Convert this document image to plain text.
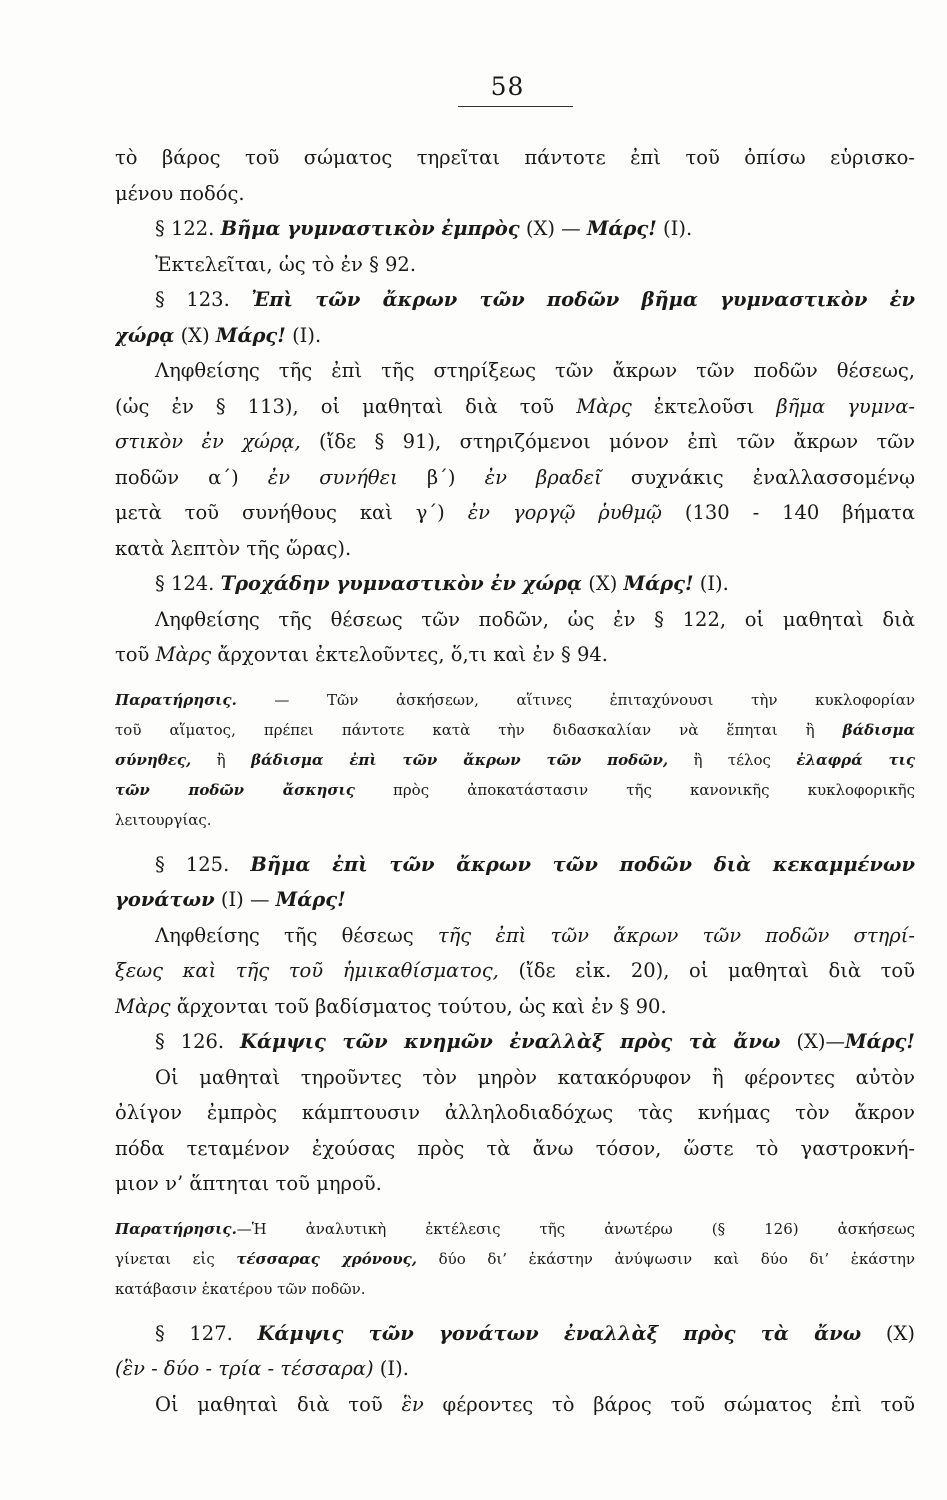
58
τὸ βάρος τοῦ σώματος τηρεῖται πάντοτε ἐπὶ τοῦ ὀπίσω εὑρισκο-
μένου ποδός.
§ 122. Βῆμα γυμναστικὸν ἐμπρὸς (Χ) — Μάρς! (Ι).
Ἐκτελεῖται, ὡς τὸ ἐν § 92.
§ 123. Ἐπὶ τῶν ἄκρων τῶν ποδῶν βῆμα γυμναστικὸν ἐν
χώρᾳ (Χ) Μάρς! (Ι).
Ληφθείσης τῆς ἐπὶ τῆς στηρίξεως τῶν ἄκρων τῶν ποδῶν θέσεως,
(ὡς ἐν § 113), οἱ μαθηταὶ διὰ τοῦ Μὰρς ἐκτελοῦσι βῆμα γυμνα-
στικὸν ἐν χώρᾳ, (ἴδε § 91), στηριζόμενοι μόνον ἐπὶ τῶν ἄκρων τῶν
ποδῶν α΄) ἐν συνήθει β΄) ἐν βραδεῖ συχνάκις ἐναλλασσομένῳ
μετὰ τοῦ συνήθους καὶ γ΄) ἐν γοργῷ ῥυθμῷ (130 - 140 βήματα
κατὰ λεπτὸν τῆς ὥρας).
§ 124. Τροχάδην γυμναστικὸν ἐν χώρᾳ (Χ) Μάρς! (Ι).
Ληφθείσης τῆς θέσεως τῶν ποδῶν, ὡς ἐν § 122, οἱ μαθηταὶ διὰ
τοῦ Μὰρς ἄρχονται ἐκτελοῦντες, ὅ,τι καὶ ἐν § 94.
Παρατήρησις. — Τῶν ἀσκήσεων, αἵτινες ἐπιταχύνουσι τὴν κυκλοφορίαν
τοῦ αἵματος, πρέπει πάντοτε κατὰ τὴν διδασκαλίαν νὰ ἕπηται ἢ βάδισμα
σύνηθες, ἢ βάδισμα ἐπὶ τῶν ἄκρων τῶν ποδῶν, ἢ τέλος ἐλαφρά τις
τῶν ποδῶν ἄσκησις πρὸς ἀποκατάστασιν τῆς κανονικῆς κυκλοφορικῆς
λειτουργίας.
§ 125. Βῆμα ἐπὶ τῶν ἄκρων τῶν ποδῶν διὰ κεκαμμένων
γονάτων (Ι) — Μάρς!
Ληφθείσης τῆς θέσεως τῆς ἐπὶ τῶν ἄκρων τῶν ποδῶν στηρί-
ξεως καὶ τῆς τοῦ ἡμικαθίσματος, (ἴδε εἰκ. 20), οἱ μαθηταὶ διὰ τοῦ
Μὰρς ἄρχονται τοῦ βαδίσματος τούτου, ὡς καὶ ἐν § 90.
§ 126. Κάμψις τῶν κνημῶν ἐναλλὰξ πρὸς τὰ ἄνω (Χ)—Μάρς!
Οἱ μαθηταὶ τηροῦντες τὸν μηρὸν κατακόρυφον ἢ φέροντες αὐτὸν
ὀλίγον ἐμπρὸς κάμπτουσιν ἀλληλοδιαδόχως τὰς κνήμας τὸν ἄκρον
πόδα τεταμένον ἐχούσας πρὸς τὰ ἄνω τόσον, ὥστε τὸ γαστροκνή-
μιον ν’ ἅπτηται τοῦ μηροῦ.
Παρατήρησις.—Ἡ ἀναλυτικὴ ἐκτέλεσις τῆς ἀνωτέρω (§ 126) ἀσκήσεως
γίνεται εἰς τέσσαρας χρόνους, δύο δι’ ἑκάστην ἀνύψωσιν καὶ δύο δι’ ἑκάστην
κατάβασιν ἑκατέρου τῶν ποδῶν.
§ 127. Κάμψις τῶν γονάτων ἐναλλὰξ πρὸς τὰ ἄνω (Χ)
(ἓν - δύο - τρία - τέσσαρα) (Ι).
Οἱ μαθηταὶ διὰ τοῦ ἓν φέροντες τὸ βάρος τοῦ σώματος ἐπὶ τοῦ
